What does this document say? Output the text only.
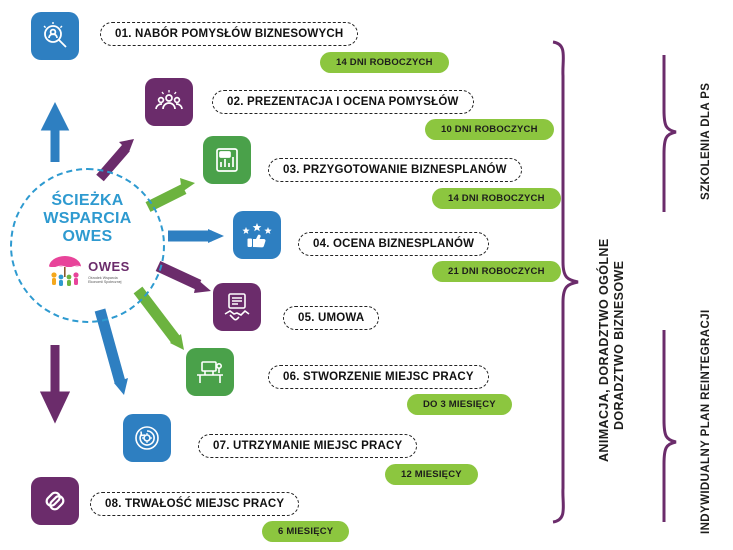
ŚCIEŻKA
WSPARCIA
OWES
OWES
Ośrodek Wsparcia
Ekonomii Społecznej
01. NABÓR POMYSŁÓW BIZNESOWYCH
14 DNI ROBOCZYCH
02. PREZENTACJA I OCENA POMYSŁÓW
10 DNI ROBOCZYCH
03. PRZYGOTOWANIE BIZNESPLANÓW
14 DNI ROBOCZYCH
04. OCENA BIZNESPLANÓW
21 DNI ROBOCZYCH
05. UMOWA
06. STWORZENIE MIEJSC PRACY
DO 3 MIESIĘCY
07. UTRZYMANIE MIEJSC PRACY
12 MIESIĘCY
08. TRWAŁOŚĆ MIEJSC PRACY
6 MIESIĘCY
DORADZTWO BIZNESOWE
ANIMACJA, DORADZTWO OGÓLNE
SZKOLENIA DLA PS
INDYWIDUALNY PLAN REINTEGRACJI
